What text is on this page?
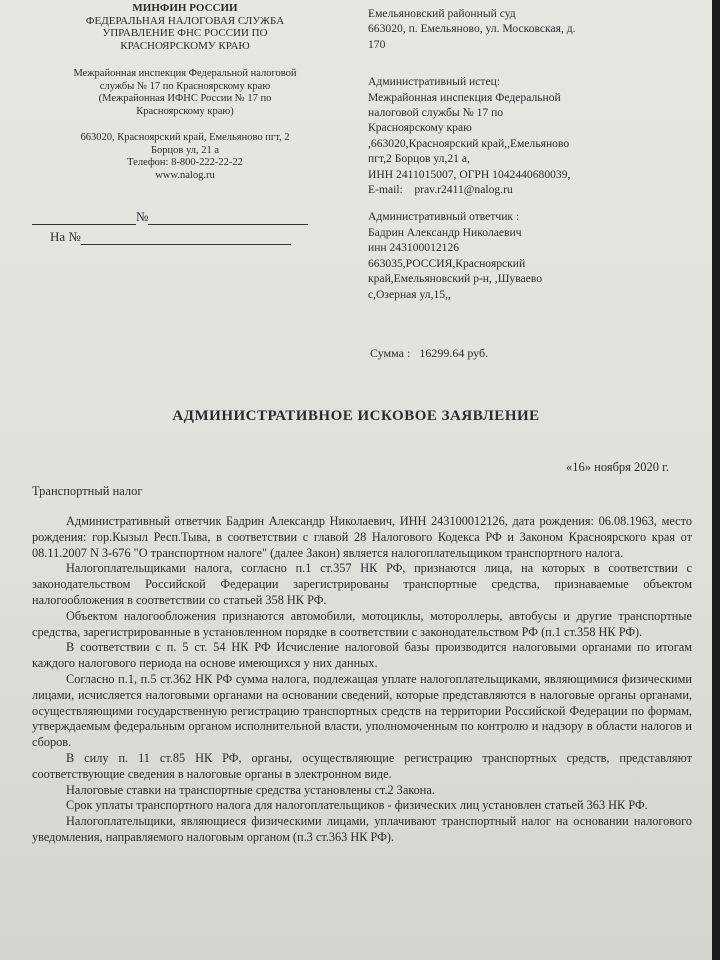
МИНФИН РОССИИ
ФЕДЕРАЛЬНАЯ НАЛОГОВАЯ СЛУЖБА
УПРАВЛЕНИЕ ФНС РОССИИ ПО
КРАСНОЯРСКОМУ КРАЮ
Межрайонная инспекция Федеральной налоговой
службы № 17 по Красноярскому краю
(Межрайонная ИФНС России № 17 по
Красноярскому краю)
663020, Красноярский край, Емельяново пгт, 2
Борцов ул, 21 а
Телефон: 8-800-222-22-22
www.nalog.ru
№
На №
Емельяновский районный суд
663020, п. Емельяново, ул. Московская, д.
170
Административный истец:
Межрайонная инспекция Федеральной
налоговой службы № 17 по
Красноярскому краю
,663020,Красноярский край,,Емельяново
пгт,2 Борцов ул,21 а,
ИНН 2411015007, ОГРН 1042440680039,
E-mail: prav.r2411@nalog.ru
Административный ответчик :
Бадрин Александр Николаевич
инн 243100012126
663035,РОССИЯ,Красноярский
край,Емельяновский р-н, ,Шуваево
с,Озерная ул,15,,
Сумма : 16299.64 руб.
АДМИНИСТРАТИВНОЕ ИСКОВОЕ ЗАЯВЛЕНИЕ
«16» ноября 2020 г.
Транспортный налог

Административный ответчик Бадрин Александр Николаевич, ИНН 243100012126, дата рождения: 06.08.1963, место рождения: гор.Кызыл Респ.Тыва, в соответствии с главой 28 Налогового Кодекса РФ и Законом Красноярского края от 08.11.2007 N 3-676 "О транспортном налоге" (далее Закон) является налогоплательщиком транспортного налога.

Налогоплательщиками налога, согласно п.1 ст.357 НК РФ, признаются лица, на которых в соответствии с законодательством Российской Федерации зарегистрированы транспортные средства, признаваемые объектом налогообложения в соответствии со статьей 358 НК РФ.

Объектом налогообложения признаются автомобили, мотоциклы, мотороллеры, автобусы и другие транспортные средства, зарегистрированные в установленном порядке в соответствии с законодательством РФ (п.1 ст.358 НК РФ).

В соответствии с п. 5 ст. 54 НК РФ Исчисление налоговой базы производится налоговыми органами по итогам каждого налогового периода на основе имеющихся у них данных.

Согласно п.1, п.5 ст.362 НК РФ сумма налога, подлежащая уплате налогоплательщиками, являющимися физическими лицами, исчисляется налоговыми органами на основании сведений, которые представляются в налоговые органы органами, осуществляющими государственную регистрацию транспортных средств на территории Российской Федерации по формам, утверждаемым федеральным органом исполнительной власти, уполномоченным по контролю и надзору в области налогов и сборов.

В силу п. 11 ст.85 НК РФ, органы, осуществляющие регистрацию транспортных средств, представляют соответствующие сведения в налоговые органы в электронном виде.

Налоговые ставки на транспортные средства установлены ст.2 Закона.

Срок уплаты транспортного налога для налогоплательщиков - физических лиц установлен статьей 363 НК РФ.

Налогоплательщики, являющиеся физическими лицами, уплачивают транспортный налог на основании налогового уведомления, направляемого налоговым органом (п.3 ст.363 НК РФ).
